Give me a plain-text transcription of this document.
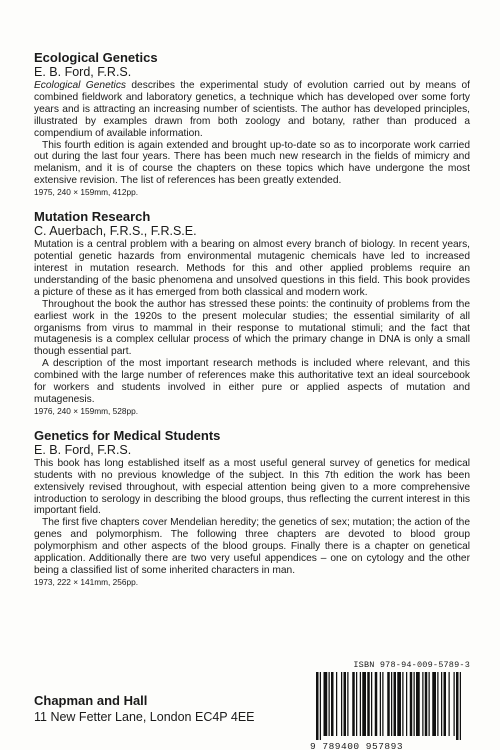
Ecological Genetics
E. B. Ford, F.R.S.

Ecological Genetics describes the experimental study of evolution carried out by means of combined fieldwork and laboratory genetics, a technique which has developed over some forty years and is attracting an increasing number of scientists. The author has developed principles, illustrated by examples drawn from both zoology and botany, rather than produced a compendium of available information.

This fourth edition is again extended and brought up-to-date so as to incorporate work carried out during the last four years. There has been much new research in the fields of mimicry and melanism, and it is of course the chapters on these topics which have undergone the most extensive revision. The list of references has been greatly extended.

1975, 240 × 159mm, 412pp.

Mutation Research
C. Auerbach, F.R.S., F.R.S.E.

Mutation is a central problem with a bearing on almost every branch of biology. In recent years, potential genetic hazards from environmental mutagenic chemicals have led to increased interest in mutation research. Methods for this and other applied problems require an understanding of the basic phenomena and unsolved questions in this field. This book provides a picture of these as it has emerged from both classical and modern work.

Throughout the book the author has stressed these points: the continuity of problems from the earliest work in the 1920s to the present molecular studies; the essential similarity of all organisms from virus to mammal in their response to mutational stimuli; and the fact that mutagenesis is a complex cellular process of which the primary change in DNA is only a small though essential part.

A description of the most important research methods is included where relevant, and this combined with the large number of references make this authoritative text an ideal sourcebook for workers and students involved in either pure or applied aspects of mutation and mutagenesis.

1976, 240 × 159mm, 528pp.

Genetics for Medical Students
E. B. Ford, F.R.S.

This book has long established itself as a most useful general survey of genetics for medical students with no previous knowledge of the subject. In this 7th edition the work has been extensively revised throughout, with especial attention being given to a more comprehensive introduction to serology in describing the blood groups, thus reflecting the current interest in this important field.

The first five chapters cover Mendelian heredity; the genetics of sex; mutation; the action of the genes and polymorphism. The following three chapters are devoted to blood group polymorphism and other aspects of the blood groups. Finally there is a chapter on genetical application. Additionally there are two very useful appendices – one on cytology and the other being a classified list of some inherited characters in man.

1973, 222 × 141mm, 256pp.

Chapman and Hall
11 New Fetter Lane, London EC4P 4EE
ISBN 978-94-009-5789-3
9 789400 957893
